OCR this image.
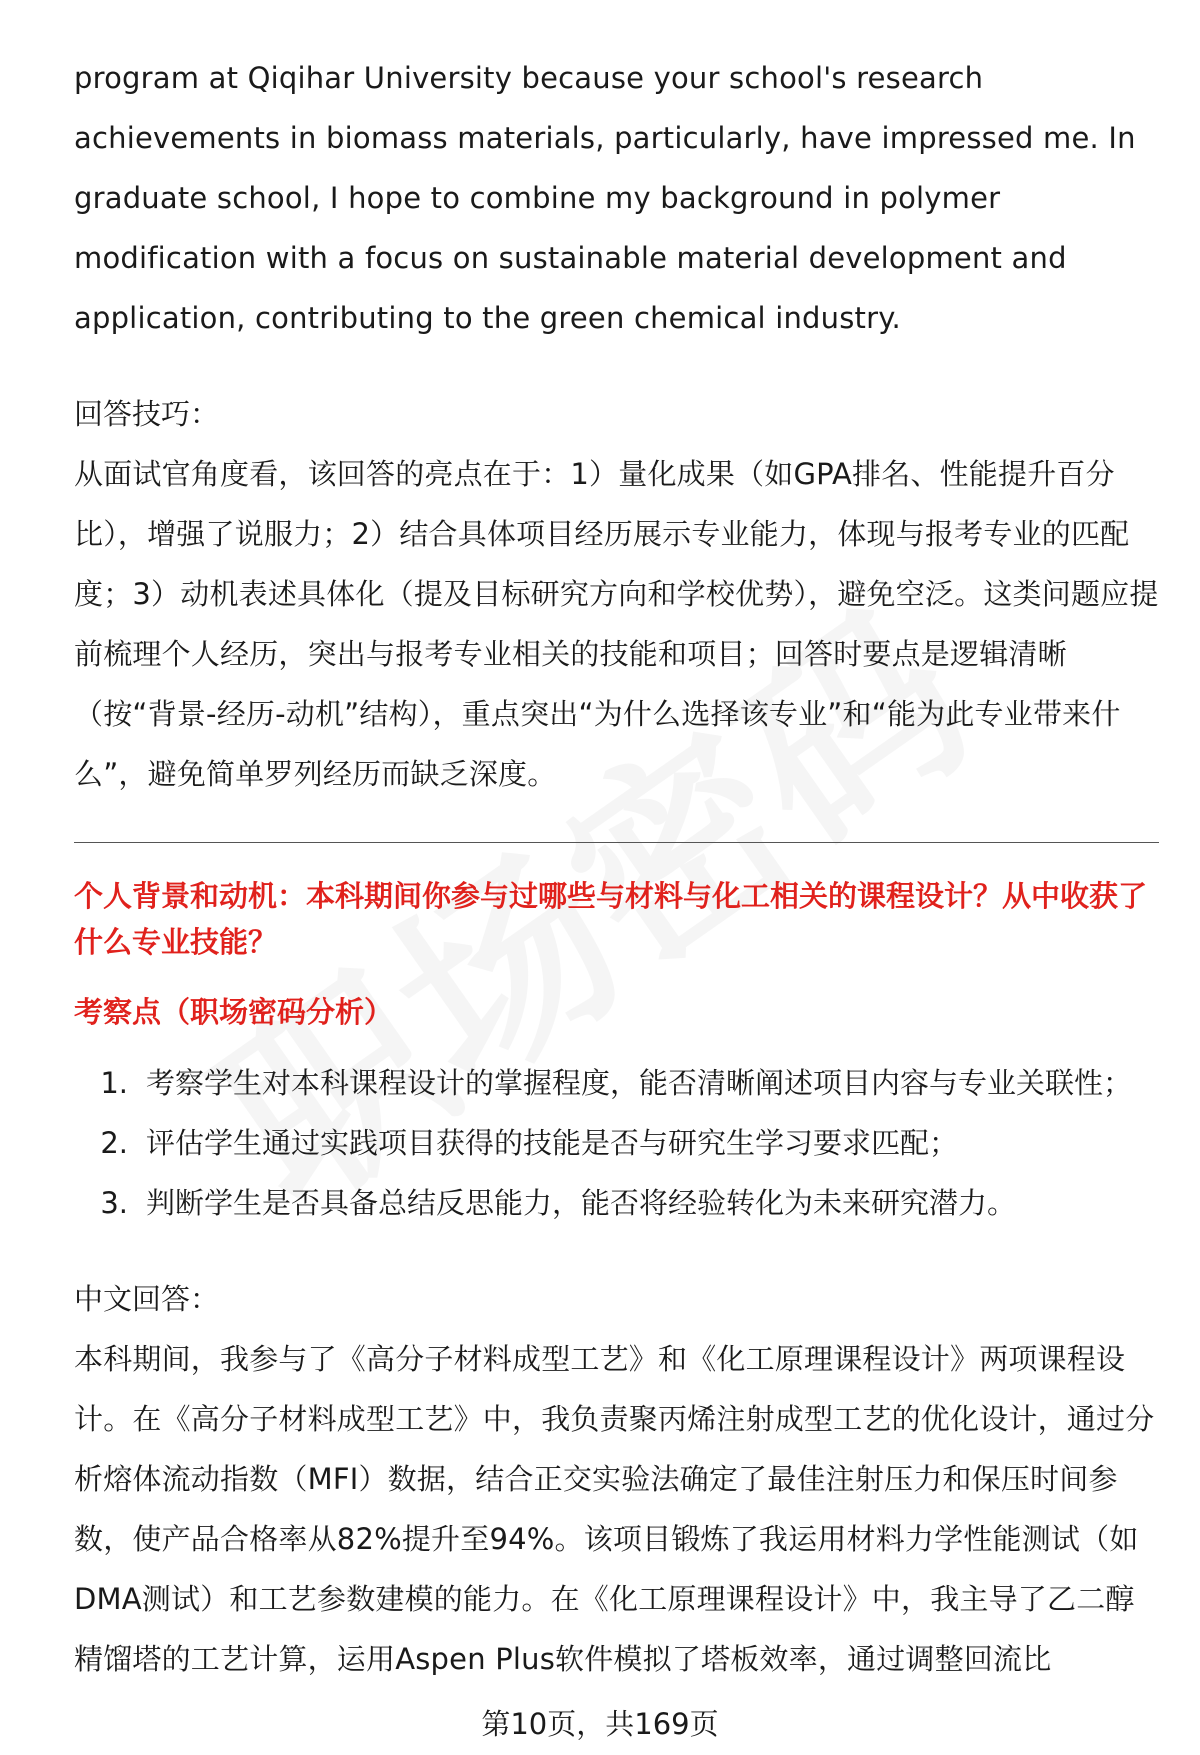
program at Qiqihar University because your school's research achievements in biomass materials, particularly, have impressed me. In graduate school, I hope to combine my background in polymer modification with a focus on sustainable material development and application, contributing to the green chemical industry.

回答技巧：

从面试官角度看，该回答的亮点在于：1）量化成果（如GPA排名、性能提升百分比），增强了说服力；2）结合具体项目经历展示专业能力，体现与报考专业的匹配度；3）动机表述具体化（提及目标研究方向和学校优势），避免空泛。这类问题应提前梳理个人经历，突出与报考专业相关的技能和项目；回答时要点是逻辑清晰（按“背景-经历-动机”结构），重点突出“为什么选择该专业”和“能为此专业带来什么”，避免简单罗列经历而缺乏深度。

个人背景和动机：本科期间你参与过哪些与材料与化工相关的课程设计？从中收获了什么专业技能？

考察点（职场密码分析）

1. 考察学生对本科课程设计的掌握程度，能否清晰阐述项目内容与专业关联性；
2. 评估学生通过实践项目获得的技能是否与研究生学习要求匹配；
3. 判断学生是否具备总结反思能力，能否将经验转化为未来研究潜力。

中文回答：

本科期间，我参与了《高分子材料成型工艺》和《化工原理课程设计》两项课程设计。在《高分子材料成型工艺》中，我负责聚丙烯注射成型工艺的优化设计，通过分析熔体流动指数（MFI）数据，结合正交实验法确定了最佳注射压力和保压时间参数，使产品合格率从82%提升至94%。该项目锻炼了我运用材料力学性能测试（如DMA测试）和工艺参数建模的能力。在《化工原理课程设计》中，我主导了乙二醇精馏塔的工艺计算，运用Aspen Plus软件模拟了塔板效率，通过调整回流比

第10页，共169页
